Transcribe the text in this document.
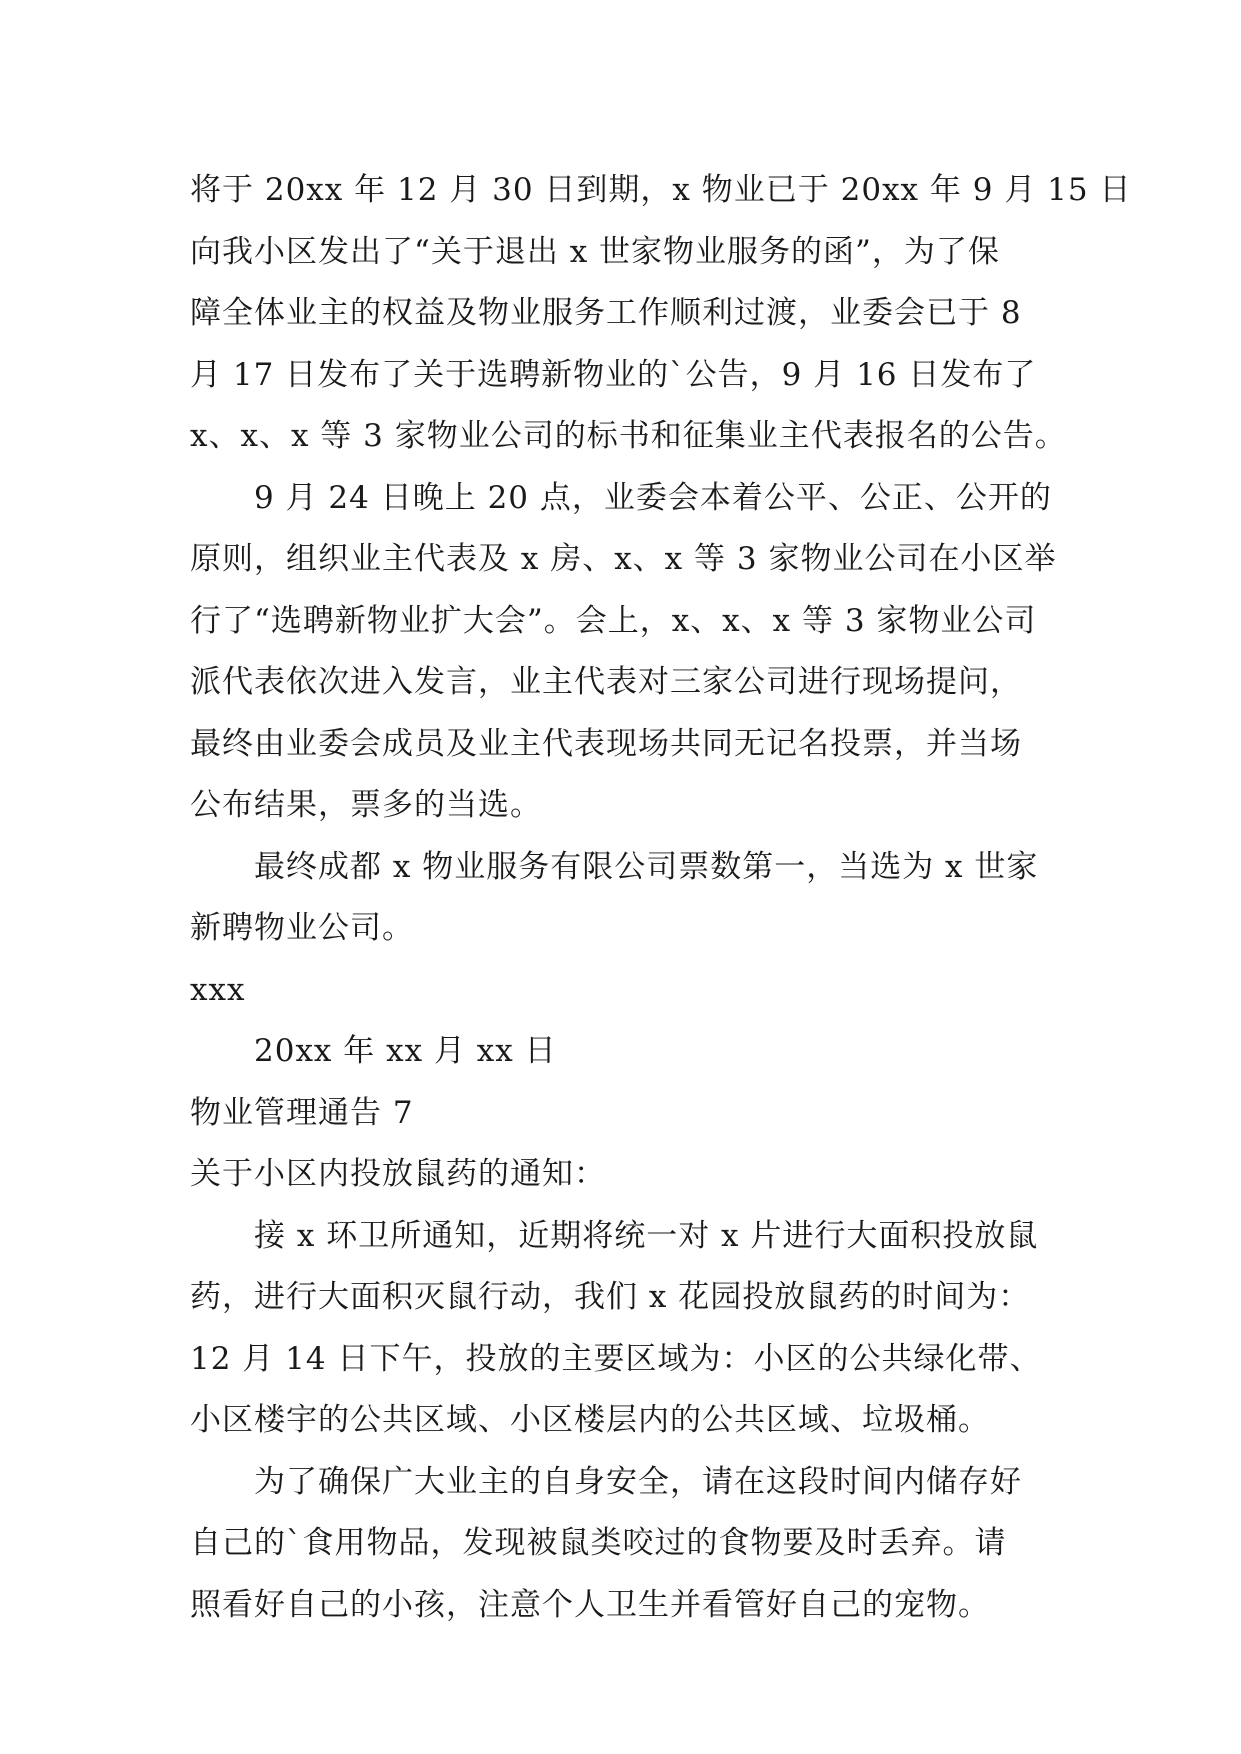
将于 20xx 年 12 月 30 日到期，x 物业已于 20xx 年 9 月 15 日
向我小区发出了“关于退出 x 世家物业服务的函”，为了保
障全体业主的权益及物业服务工作顺利过渡，业委会已于 8
月 17 日发布了关于选聘新物业的`公告，9 月 16 日发布了
x、x、x 等 3 家物业公司的标书和征集业主代表报名的公告。
9 月 24 日晚上 20 点，业委会本着公平、公正、公开的
原则，组织业主代表及 x 房、x、x 等 3 家物业公司在小区举
行了“选聘新物业扩大会”。会上，x、x、x 等 3 家物业公司
派代表依次进入发言，业主代表对三家公司进行现场提问，
最终由业委会成员及业主代表现场共同无记名投票，并当场
公布结果，票多的当选。
最终成都 x 物业服务有限公司票数第一，当选为 x 世家
新聘物业公司。
xxx
20xx 年 xx 月 xx 日
物业管理通告 7
关于小区内投放鼠药的通知：
接 x 环卫所通知，近期将统一对 x 片进行大面积投放鼠
药，进行大面积灭鼠行动，我们 x 花园投放鼠药的时间为：
12 月 14 日下午，投放的主要区域为：小区的公共绿化带、
小区楼宇的公共区域、小区楼层内的公共区域、垃圾桶。
为了确保广大业主的自身安全，请在这段时间内储存好
自己的`食用物品，发现被鼠类咬过的食物要及时丢弃。请
照看好自己的小孩，注意个人卫生并看管好自己的宠物。
